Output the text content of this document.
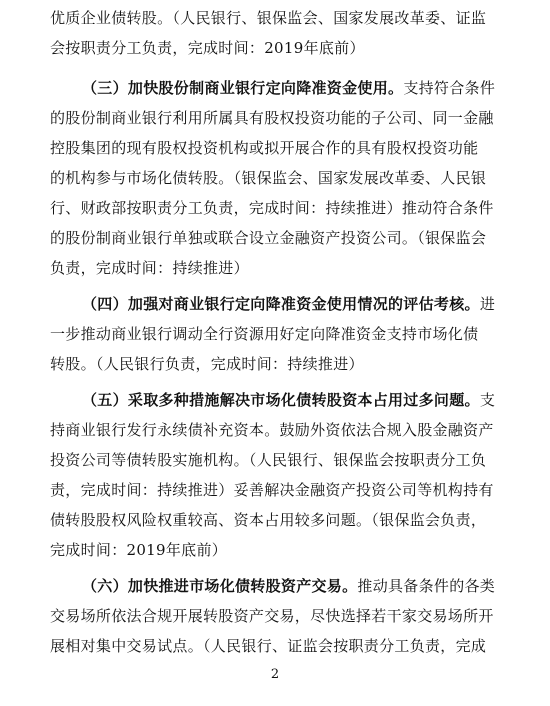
优质企业债转股。（人民银行、银保监会、国家发展改革委、证监
会按职责分工负责，完成时间：2019年底前）
（三）加快股份制商业银行定向降准资金使用。支持符合条件
的股份制商业银行利用所属具有股权投资功能的子公司、同一金融
控股集团的现有股权投资机构或拟开展合作的具有股权投资功能
的机构参与市场化债转股。（银保监会、国家发展改革委、人民银
行、财政部按职责分工负责，完成时间：持续推进）推动符合条件
的股份制商业银行单独或联合设立金融资产投资公司。（银保监会
负责，完成时间：持续推进）
（四）加强对商业银行定向降准资金使用情况的评估考核。进
一步推动商业银行调动全行资源用好定向降准资金支持市场化债
转股。（人民银行负责，完成时间：持续推进）
（五）采取多种措施解决市场化债转股资本占用过多问题。支
持商业银行发行永续债补充资本。鼓励外资依法合规入股金融资产
投资公司等债转股实施机构。（人民银行、银保监会按职责分工负
责，完成时间：持续推进）妥善解决金融资产投资公司等机构持有
债转股股权风险权重较高、资本占用较多问题。（银保监会负责，
完成时间：2019年底前）
（六）加快推进市场化债转股资产交易。推动具备条件的各类
2
交易场所依法合规开展转股资产交易，尽快选择若干家交易场所开
展相对集中交易试点。（人民银行、证监会按职责分工负责，完成
